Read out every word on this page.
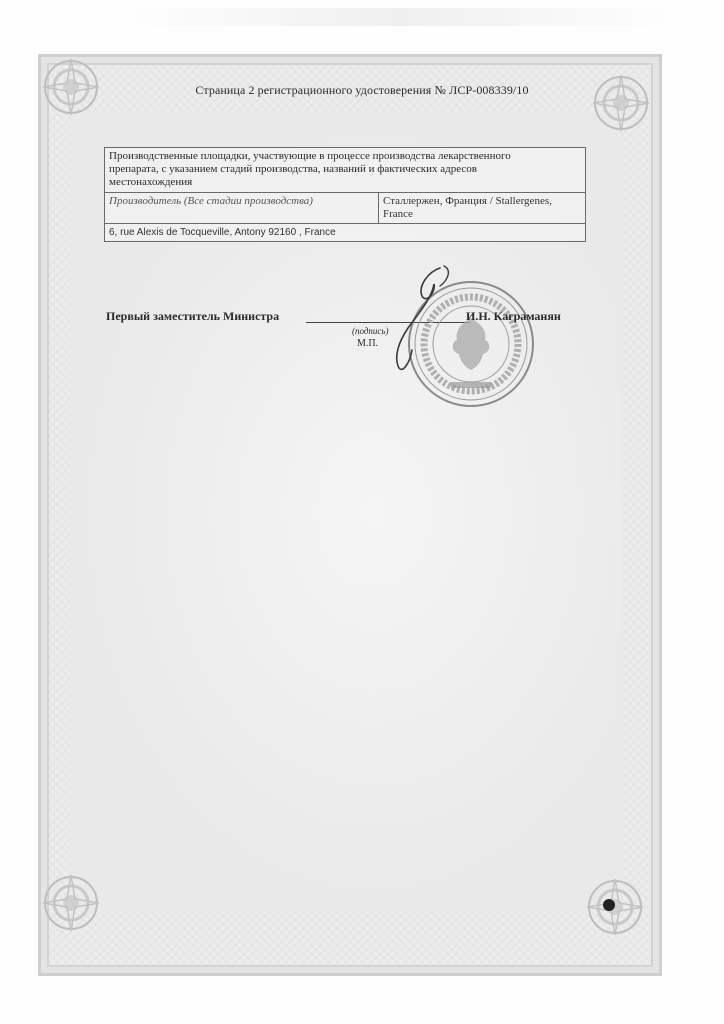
Страница 2 регистрационного удостоверения № ЛСР-008339/10
Производственные площадки, участвующие в процессе производства лекарственного препарата, с указанием стадий производства, названий и фактических адресов местонахождения

Производитель (Все стадии производства)	Сталлержен, Франция / Stallergenes, France
6, rue Alexis de Tocqueville, Antony 92160 , France
Первый заместитель Министра
(подпись)
М.П.
И.Н. Каграманян
